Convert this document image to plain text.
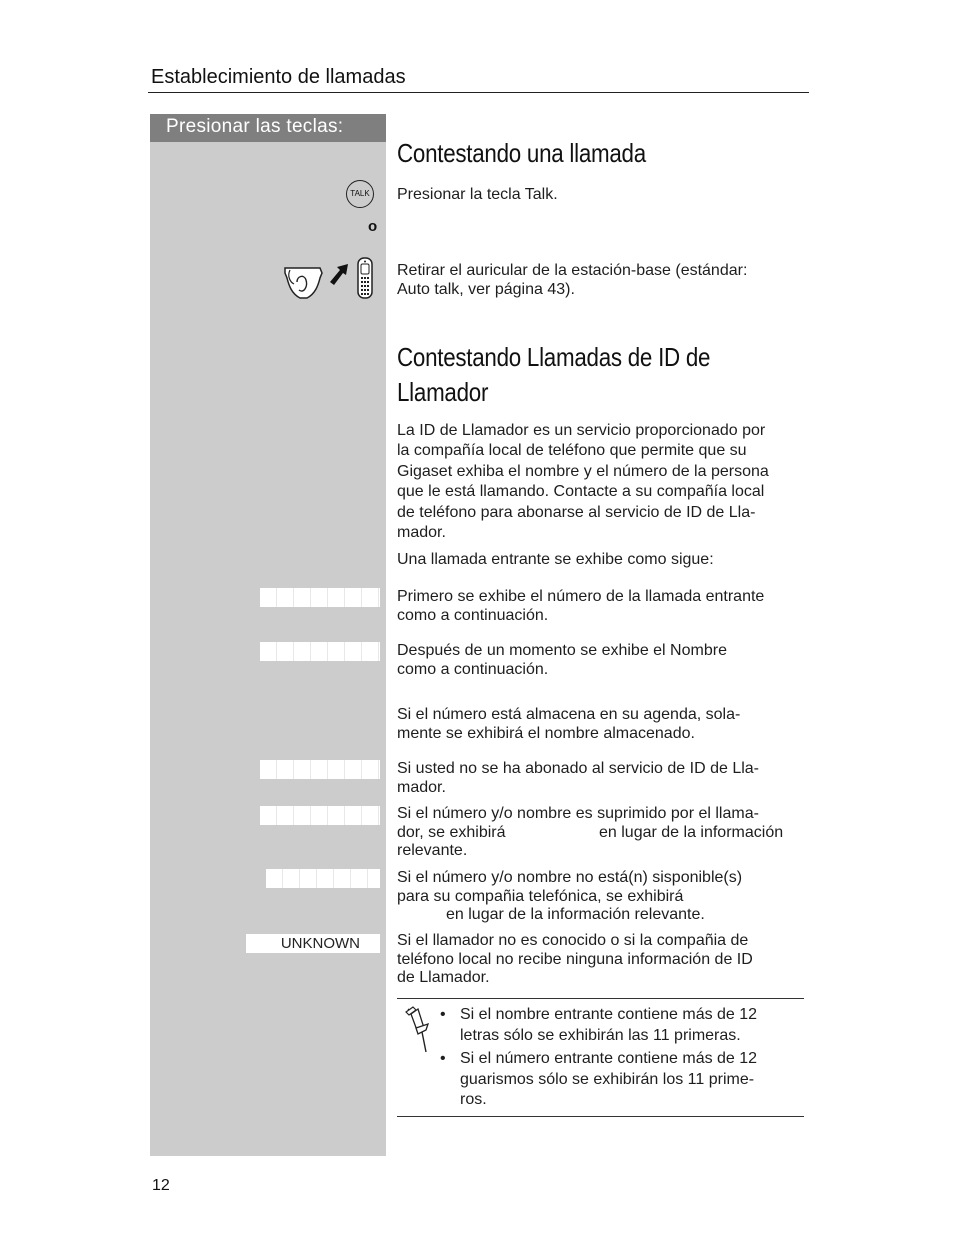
Establecimiento de llamadas
Presionar las teclas:
TALK
o
UNKNOWN
Contestando una llamada
Presionar la tecla Talk.
Retirar el auricular de la estación-base (estándar:
Auto talk, ver página 43).
Contestando Llamadas de ID de
Llamador
La ID de Llamador es un servicio proporcionado por
la compañía local de teléfono que permite que su
Gigaset exhiba el nombre y el número de la persona
que le está llamando. Contacte a su compañía local
de teléfono para abonarse al servicio de ID de Lla-
mador.
Una llamada entrante se exhibe como sigue:
Primero se exhibe el número de la llamada entrante
como a continuación.
Después de un momento se exhibe el Nombre
como a continuación.
Si el número está almacena en su agenda, sola-
mente se exhibirá el nombre almacenado.
Si usted no se ha abonado al servicio de ID de Lla-
mador.
Si el número y/o nombre es suprimido por el llama-
dor, se exhibirá	en lugar de la información
relevante.
Si el número y/o nombre no está(n) sisponible(s)
para su compañia telefónica, se exhibirá
en lugar de la información relevante.
Si el llamador no es conocido o si la compañia de
teléfono local no recibe ninguna información de ID
de Llamador.
• Si el nombre entrante contiene más de 12
letras sólo se exhibirán las 11 primeras.
• Si el número entrante contiene más de 12
guarismos sólo se exhibirán los 11 prime-
ros.
12
